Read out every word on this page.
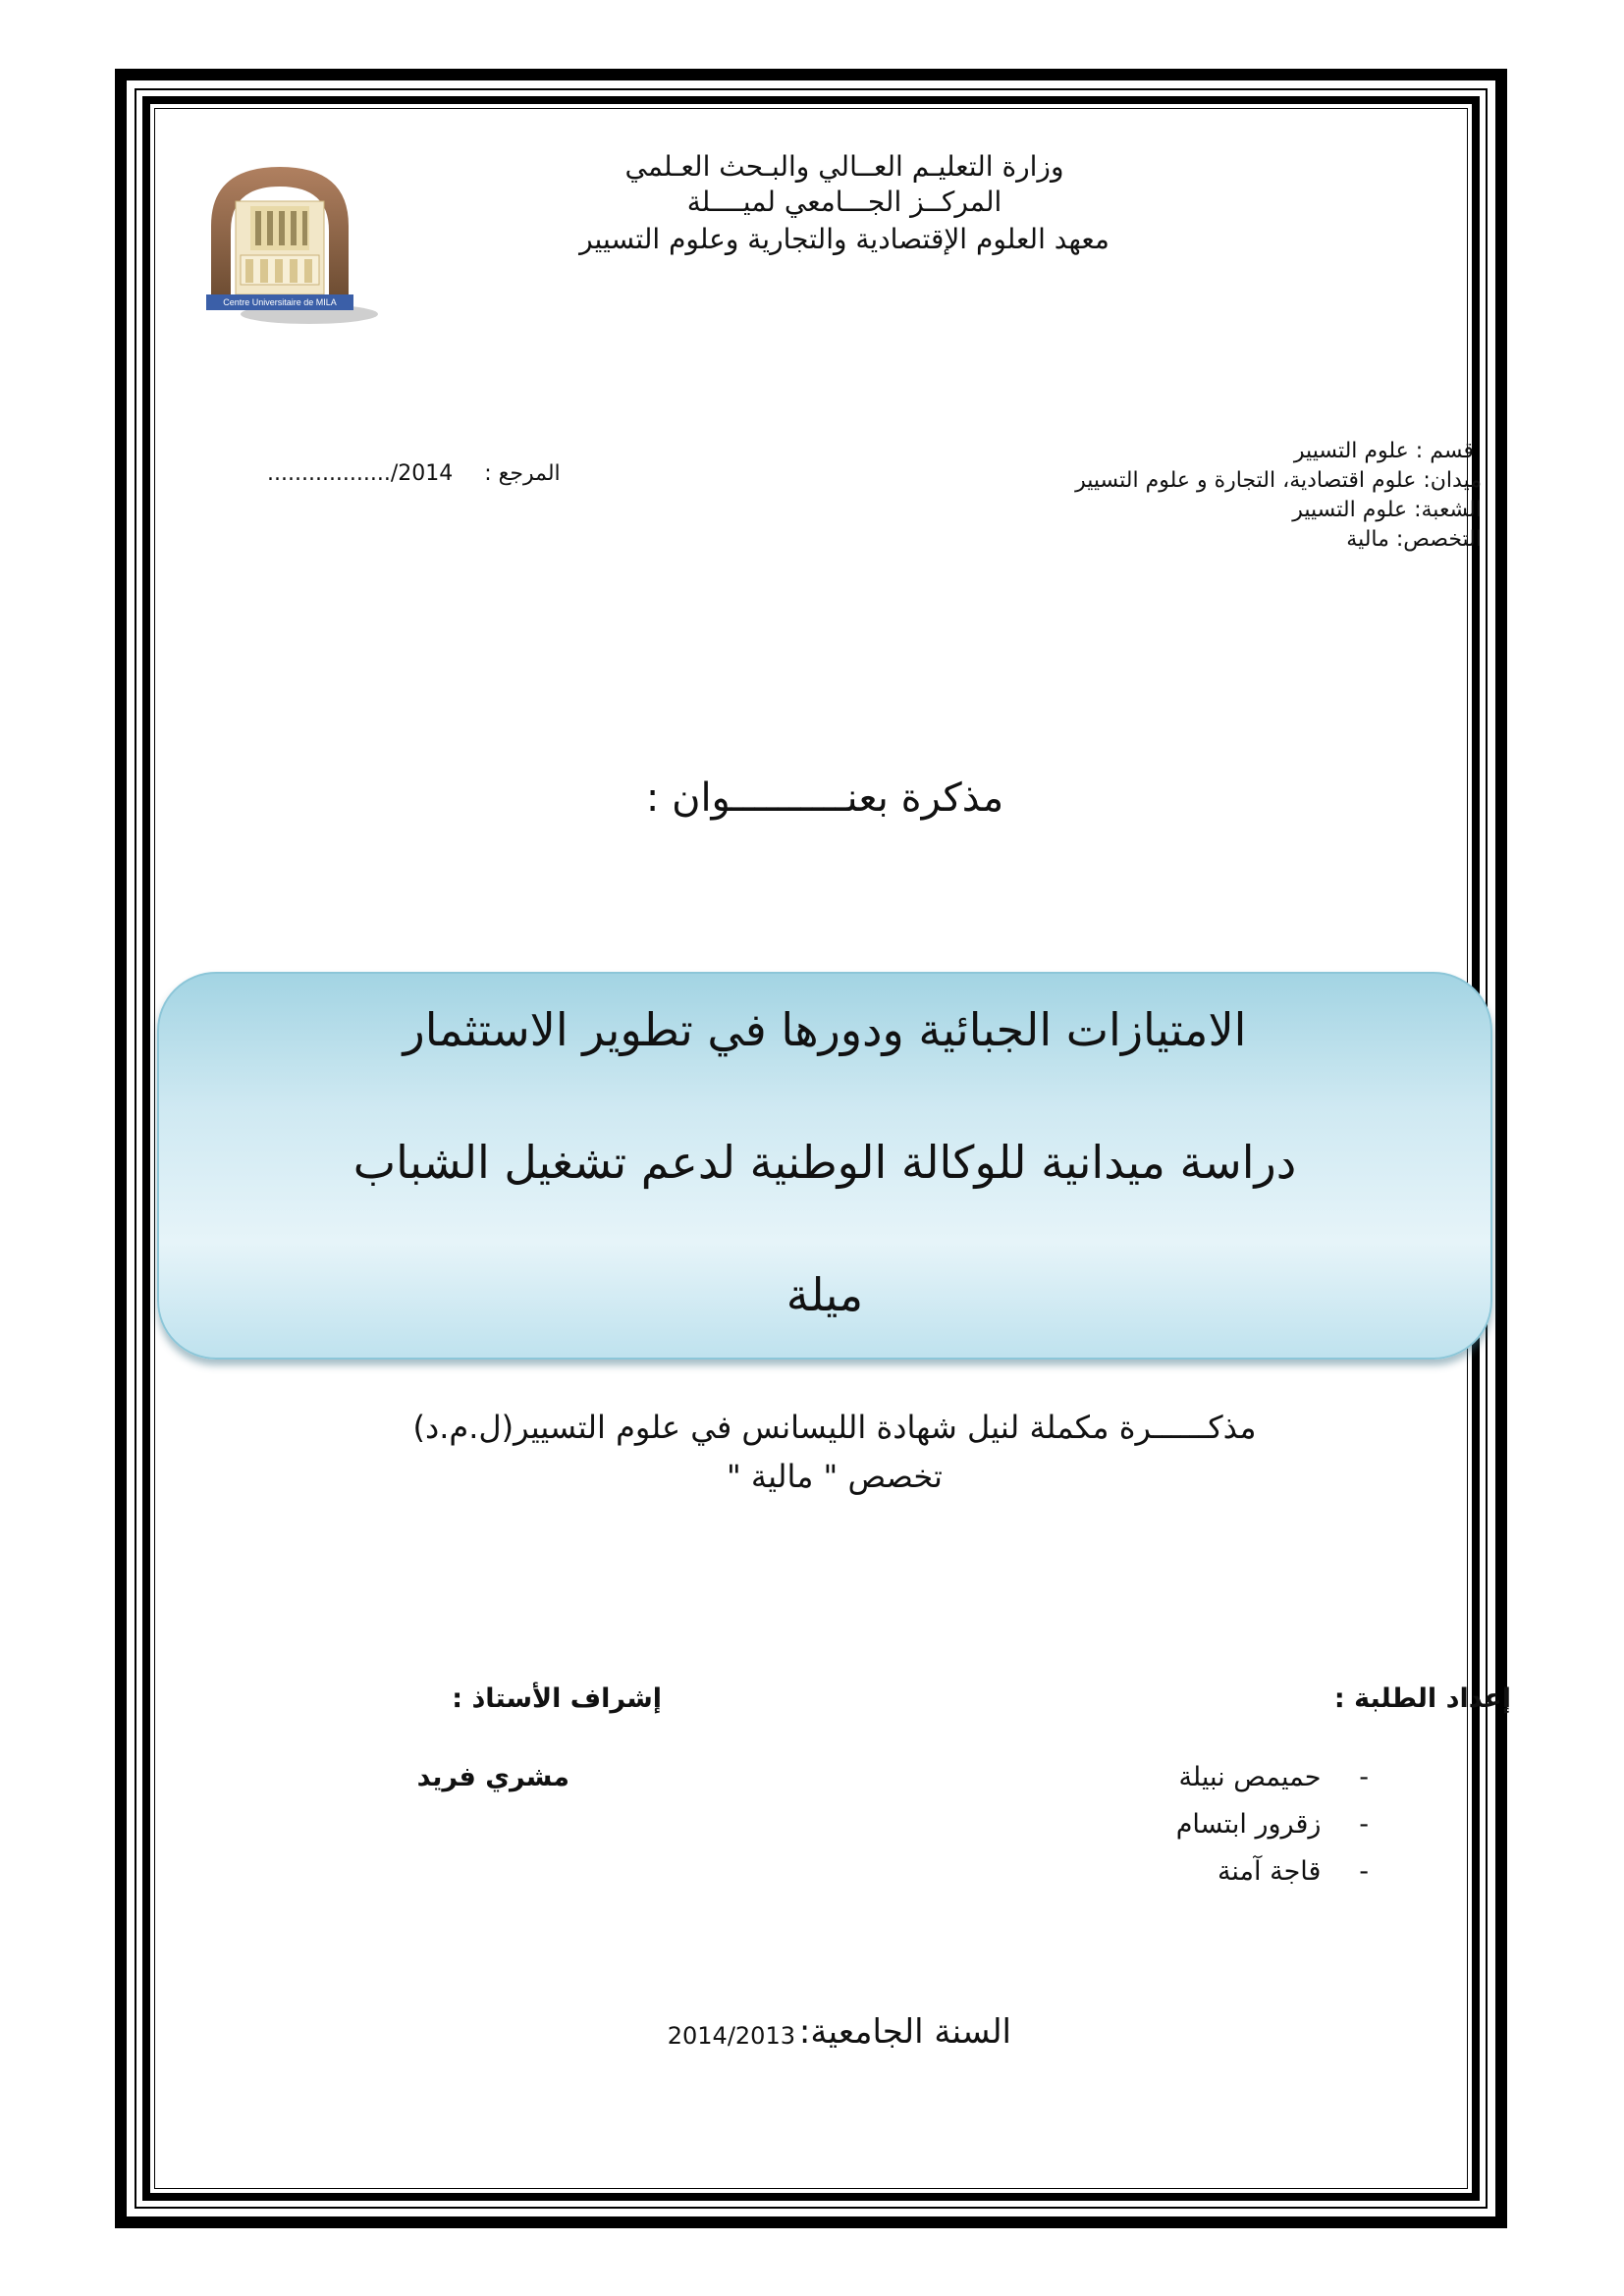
Centre Universitaire de MILA
وزارة التعليـم العــالي والبـحث العـلمي
المركــز الجـــامعي لميــــلة
معهد العلوم الإقتصادية والتجارية وعلوم التسيير
قسم : علوم التسيير
ميدان: علوم اقتصادية، التجارة و علوم التسيير
الشعبة: علوم التسيير
التخصص: مالية
المرجع :  ................../2014
مذكرة بعنــــــــــوان :
الامتيازات الجبائية ودورها في تطوير الاستثمار
دراسة ميدانية للوكالة الوطنية لدعم تشغيل الشباب
ميلة
مذكــــــرة مكملة لنيل شهادة الليسانس في علوم التسيير(ل.م.د)
تخصص " مالية "
إعداد الطلبة :
- حميمص نبيلة
- زقرور ابتسام
- قاجة آمنة
إشراف الأستاذ :
مشري فريد
السنة الجامعية:
2014/2013
